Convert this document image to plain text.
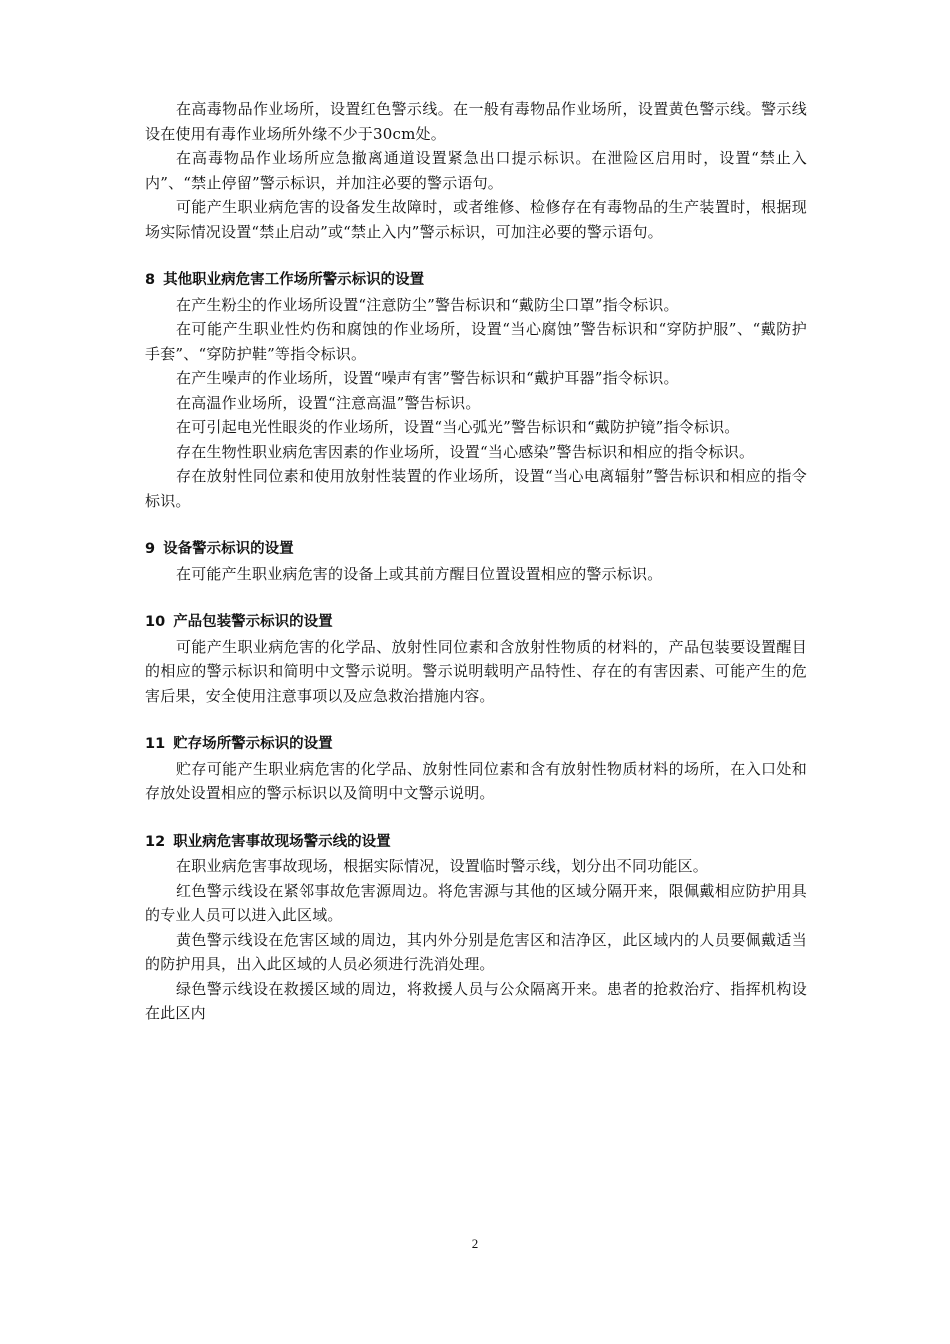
在高毒物品作业场所，设置红色警示线。在一般有毒物品作业场所，设置黄色警示线。警示线设在使用有毒作业场所外缘不少于30cm处。

在高毒物品作业场所应急撤离通道设置紧急出口提示标识。在泄险区启用时，设置“禁止入内”、“禁止停留”警示标识，并加注必要的警示语句。

可能产生职业病危害的设备发生故障时，或者维修、检修存在有毒物品的生产装置时，根据现场实际情况设置“禁止启动”或“禁止入内”警示标识，可加注必要的警示语句。

8 其他职业病危害工作场所警示标识的设置

在产生粉尘的作业场所设置“注意防尘”警告标识和“戴防尘口罩”指令标识。

在可能产生职业性灼伤和腐蚀的作业场所，设置“当心腐蚀”警告标识和“穿防护服”、“戴防护手套”、“穿防护鞋”等指令标识。

在产生噪声的作业场所，设置“噪声有害”警告标识和“戴护耳器”指令标识。

在高温作业场所，设置“注意高温”警告标识。

在可引起电光性眼炎的作业场所，设置“当心弧光”警告标识和“戴防护镜”指令标识。

存在生物性职业病危害因素的作业场所，设置“当心感染”警告标识和相应的指令标识。

存在放射性同位素和使用放射性装置的作业场所，设置“当心电离辐射”警告标识和相应的指令标识。

9 设备警示标识的设置

在可能产生职业病危害的设备上或其前方醒目位置设置相应的警示标识。

10 产品包装警示标识的设置

可能产生职业病危害的化学品、放射性同位素和含放射性物质的材料的，产品包装要设置醒目的相应的警示标识和简明中文警示说明。警示说明载明产品特性、存在的有害因素、可能产生的危害后果，安全使用注意事项以及应急救治措施内容。

11 贮存场所警示标识的设置

贮存可能产生职业病危害的化学品、放射性同位素和含有放射性物质材料的场所，在入口处和存放处设置相应的警示标识以及简明中文警示说明。

12 职业病危害事故现场警示线的设置

在职业病危害事故现场，根据实际情况，设置临时警示线，划分出不同功能区。

红色警示线设在紧邻事故危害源周边。将危害源与其他的区域分隔开来，限佩戴相应防护用具的专业人员可以进入此区域。

黄色警示线设在危害区域的周边，其内外分别是危害区和洁净区，此区域内的人员要佩戴适当的防护用具，出入此区域的人员必须进行洗消处理。

绿色警示线设在救援区域的周边，将救援人员与公众隔离开来。患者的抢救治疗、指挥机构设在此区内

2
